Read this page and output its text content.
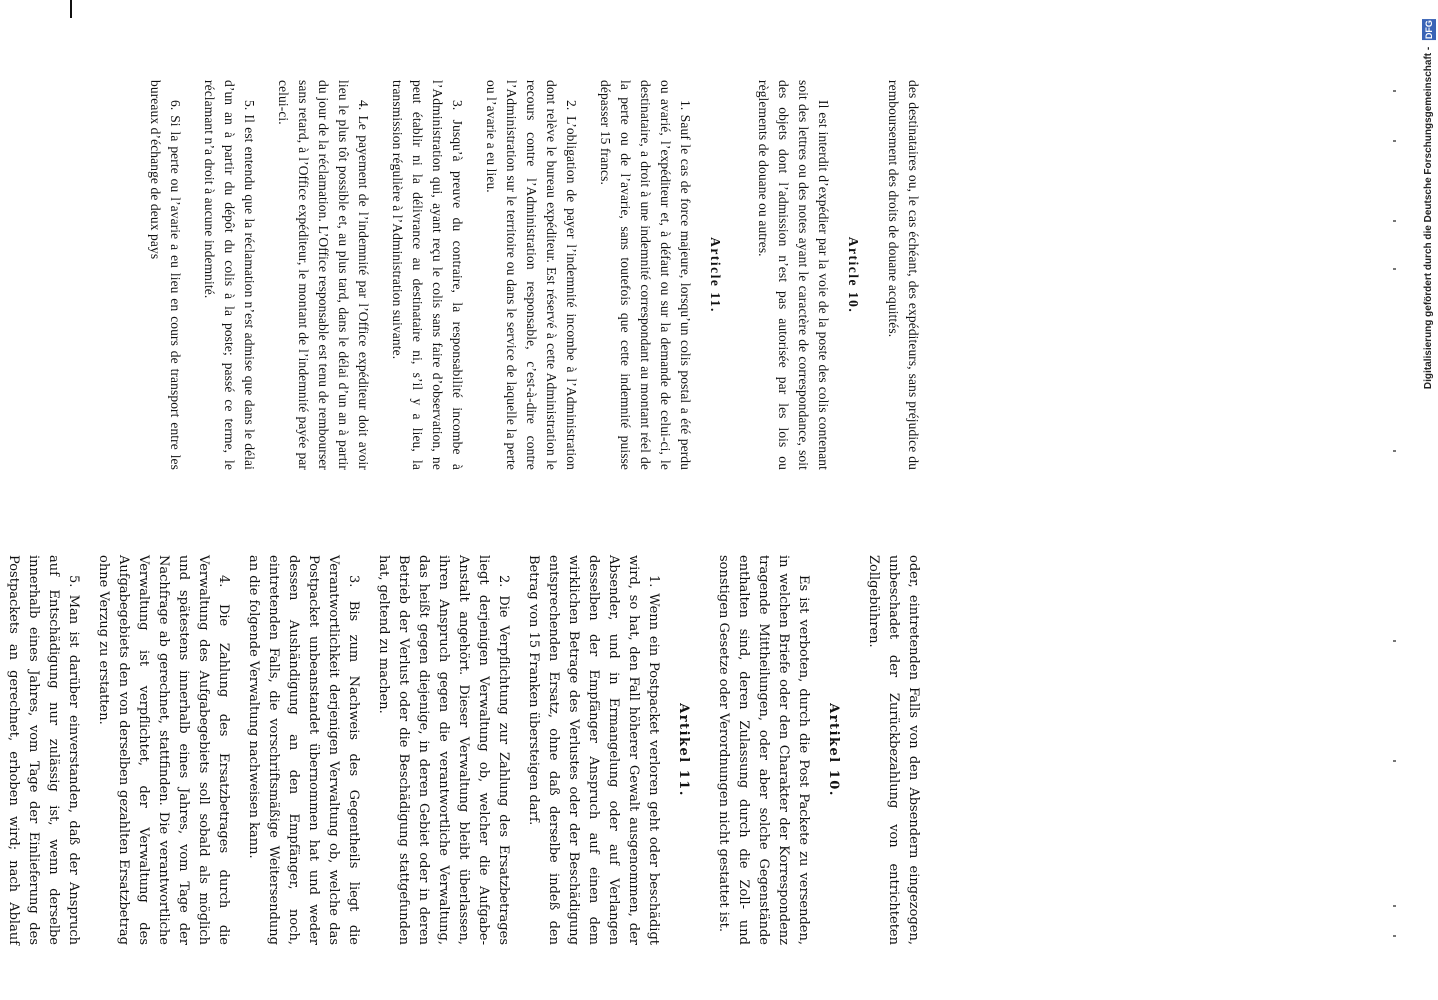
des destinataires ou, le cas échéant, des expéditeurs, sans préjudice du remboursement des droits de douane acquittés.

Article 10.

Il est interdit d’expédier par la voie de la poste des colis contenant soit des lettres ou des notes ayant le caractère de correspondance, soit des objets dont l’admission n’est pas autorisée par les lois ou règlements de douane ou autres.

Article 11.

1. Sauf le cas de force majeure, lorsqu’un colis postal a été perdu ou avarié, l’expéditeur et, à défaut ou sur la demande de celui-ci, le destinataire, a droit à une indemnité correspondant au montant réel de la perte ou de l’avarie, sans toutefois que cette indemnité puisse dépasser 15 francs.

2. L’obligation de payer l’indemnité incombe à l’Administration dont relève le bureau expéditeur. Est réservé à cette Administration le recours contre l’Administration responsable, c’est-à-dire contre l’Administration sur le territoire ou dans le service de laquelle la perte ou l’avarie a eu lieu.

3. Jusqu’à preuve du contraire, la responsabilité incombe à l’Administration qui, ayant reçu le colis sans faire d’observation, ne peut établir ni la délivrance au destinataire ni, s’il y a lieu, la transmission régulière à l’Administration suivante.

4. Le payement de l’indemnité par l’Office expéditeur doit avoir lieu le plus tôt possible et, au plus tard, dans le délai d’un an à partir du jour de la réclamation. L’Office responsable est tenu de rembourser sans retard, à l’Office expéditeur, le montant de l’indemnité payée par celui-ci.

5. Il est entendu que la réclamation n’est admise que dans le délai d’un an à partir du dépôt du colis à la poste; passé ce terme, le réclamant n’a droit à aucune indemnité.

6. Si la perte ou l’avarie a eu lieu en cours de transport entre les bureaux d’échange de deux pays

oder, eintretenden Falls von den Absendern eingezogen, unbeschadet der Zurückbezahlung von entrichteten Zollgebühren.

Artikel 10.

Es ist verboten, durch die Post Packete zu versenden, in welchen Briefe oder den Charakter der Korrespondenz tragende Mittheilungen, oder aber solche Gegenstände enthalten sind, deren Zulassung durch die Zoll- und sonstigen Gesetze oder Verordnungen nicht gestattet ist.

Artikel 11.

1. Wenn ein Postpacket verloren geht oder beschädigt wird, so hat, den Fall höherer Gewalt ausgenommen, der Absender, und in Ermangelung oder auf Verlangen desselben der Empfänger Anspruch auf einen dem wirklichen Betrage des Verlustes oder der Beschädigung entsprechenden Ersatz, ohne daß derselbe indeß den Betrag von 15 Franken übersteigen darf.

2. Die Verpflichtung zur Zahlung des Ersatzbetrages liegt derjenigen Verwaltung ob, welcher die Aufgabe-Anstalt angehört. Dieser Verwaltung bleibt überlassen, ihren Anspruch gegen die verantwortliche Verwaltung, das heißt gegen diejenige, in deren Gebiet oder in deren Betrieb der Verlust oder die Beschädigung stattgefunden hat, geltend zu machen.

3. Bis zum Nachweis des Gegentheils liegt die Verantwortlichkeit derjenigen Verwaltung ob, welche das Postpacket unbeanstandet übernommen hat und weder dessen Aushändigung an den Empfänger, noch, eintretenden Falls, die vorschriftsmäßige Weitersendung an die folgende Verwaltung nachweisen kann.

4. Die Zahlung des Ersatzbetrages durch die Verwaltung des Aufgabegebiets soll sobald als möglich und spätestens innerhalb eines Jahres, vom Tage der Nachfrage ab gerechnet, stattfinden. Die verantwortliche Verwaltung ist verpflichtet, der Verwaltung des Aufgabegebiets den von derselben gezahlten Ersatzbetrag ohne Verzug zu erstatten.

5. Man ist darüber einverstanden, daß der Anspruch auf Entschädigung nur zulässig ist, wenn derselbe innerhalb eines Jahres, vom Tage der Einlieferung des Postpackets an gerechnet, erhoben wird; nach Ablauf

Digitalisierung gefördert durch die Deutsche Forschungsgemeinschaft - DFG
